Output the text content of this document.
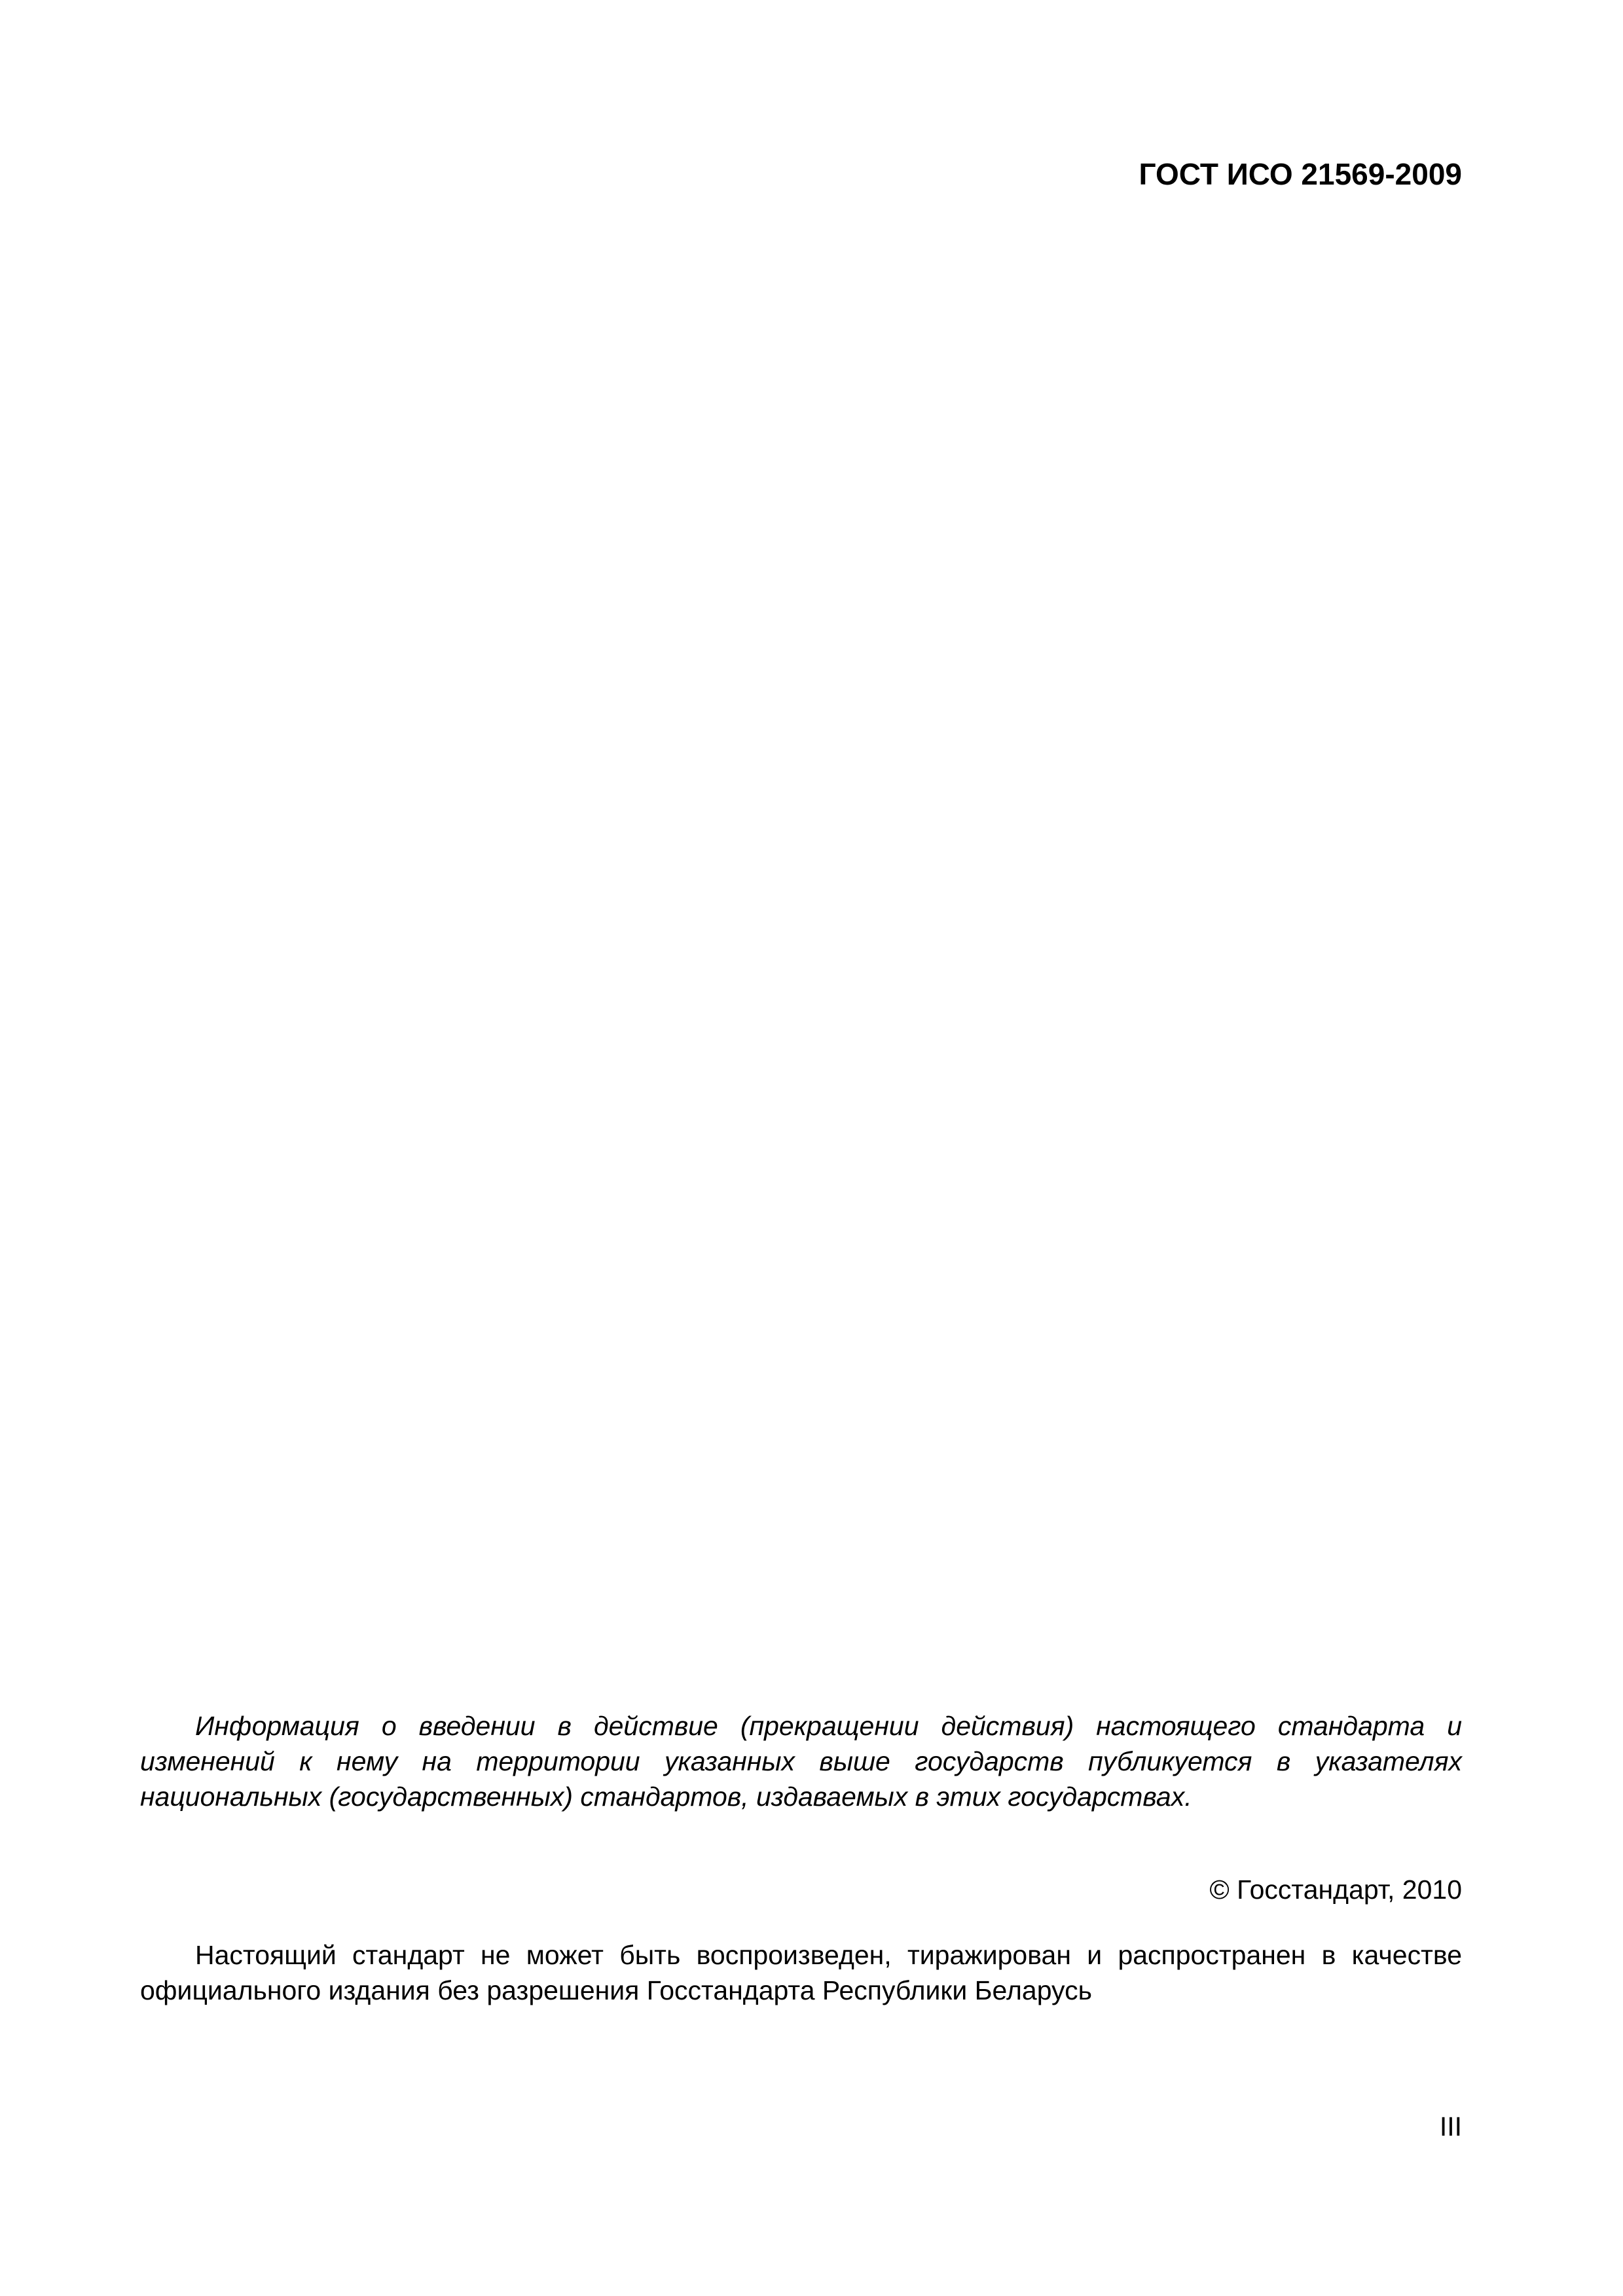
ГОСТ ИСО 21569-2009

Информация о введении в действие (прекращении действия) настоящего стандарта и изменений к нему на территории указанных выше государств публикуется в указателях национальных (государственных) стандартов, издаваемых в этих государствах.

© Госстандарт, 2010

Настоящий стандарт не может быть воспроизведен, тиражирован и распространен в качестве официального издания без разрешения Госстандарта Республики Беларусь

III
